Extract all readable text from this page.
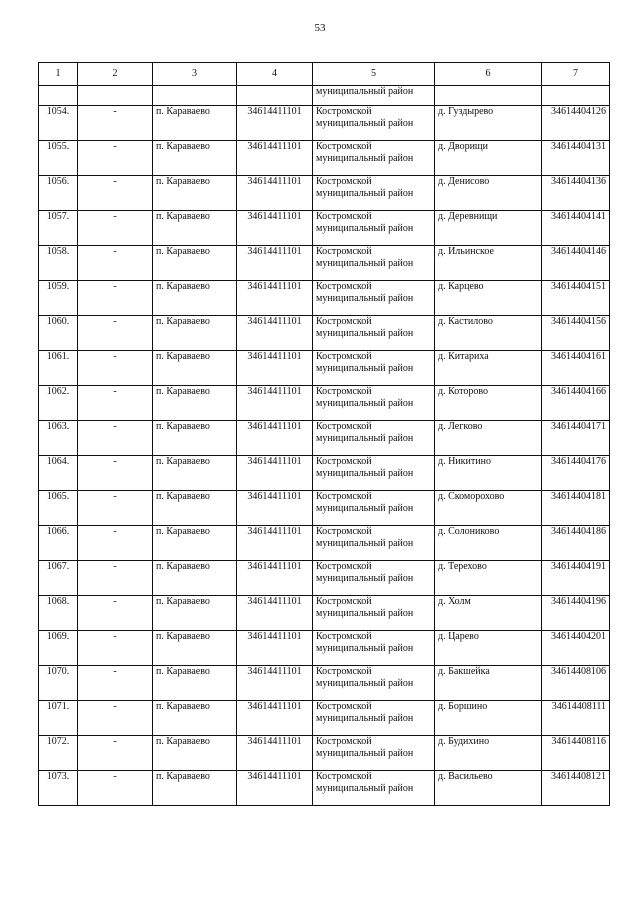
53
1	2	3	4	5	6	7
				муниципальный район		
1054.	-	п. Караваево	34614411101	Костромской муниципальный район	д. Гуздырево	34614404126
1055.	-	п. Караваево	34614411101	Костромской муниципальный район	д. Дворищи	34614404131
1056.	-	п. Караваево	34614411101	Костромской муниципальный район	д. Денисово	34614404136
1057.	-	п. Караваево	34614411101	Костромской муниципальный район	д. Деревнищи	34614404141
1058.	-	п. Караваево	34614411101	Костромской муниципальный район	д. Ильинское	34614404146
1059.	-	п. Караваево	34614411101	Костромской муниципальный район	д. Карцево	34614404151
1060.	-	п. Караваево	34614411101	Костромской муниципальный район	д. Кастилово	34614404156
1061.	-	п. Караваево	34614411101	Костромской муниципальный район	д. Китариха	34614404161
1062.	-	п. Караваево	34614411101	Костромской муниципальный район	д. Которово	34614404166
1063.	-	п. Караваево	34614411101	Костромской муниципальный район	д. Легково	34614404171
1064.	-	п. Караваево	34614411101	Костромской муниципальный район	д. Никитино	34614404176
1065.	-	п. Караваево	34614411101	Костромской муниципальный район	д. Скоморохово	34614404181
1066.	-	п. Караваево	34614411101	Костромской муниципальный район	д. Солониково	34614404186
1067.	-	п. Караваево	34614411101	Костромской муниципальный район	д. Терехово	34614404191
1068.	-	п. Караваево	34614411101	Костромской муниципальный район	д. Холм	34614404196
1069.	-	п. Караваево	34614411101	Костромской муниципальный район	д. Царево	34614404201
1070.	-	п. Караваево	34614411101	Костромской муниципальный район	д. Бакшейка	34614408106
1071.	-	п. Караваево	34614411101	Костромской муниципальный район	д. Боршино	34614408111
1072.	-	п. Караваево	34614411101	Костромской муниципальный район	д. Будихино	34614408116
1073.	-	п. Караваево	34614411101	Костромской муниципальный район	д. Васильево	34614408121
